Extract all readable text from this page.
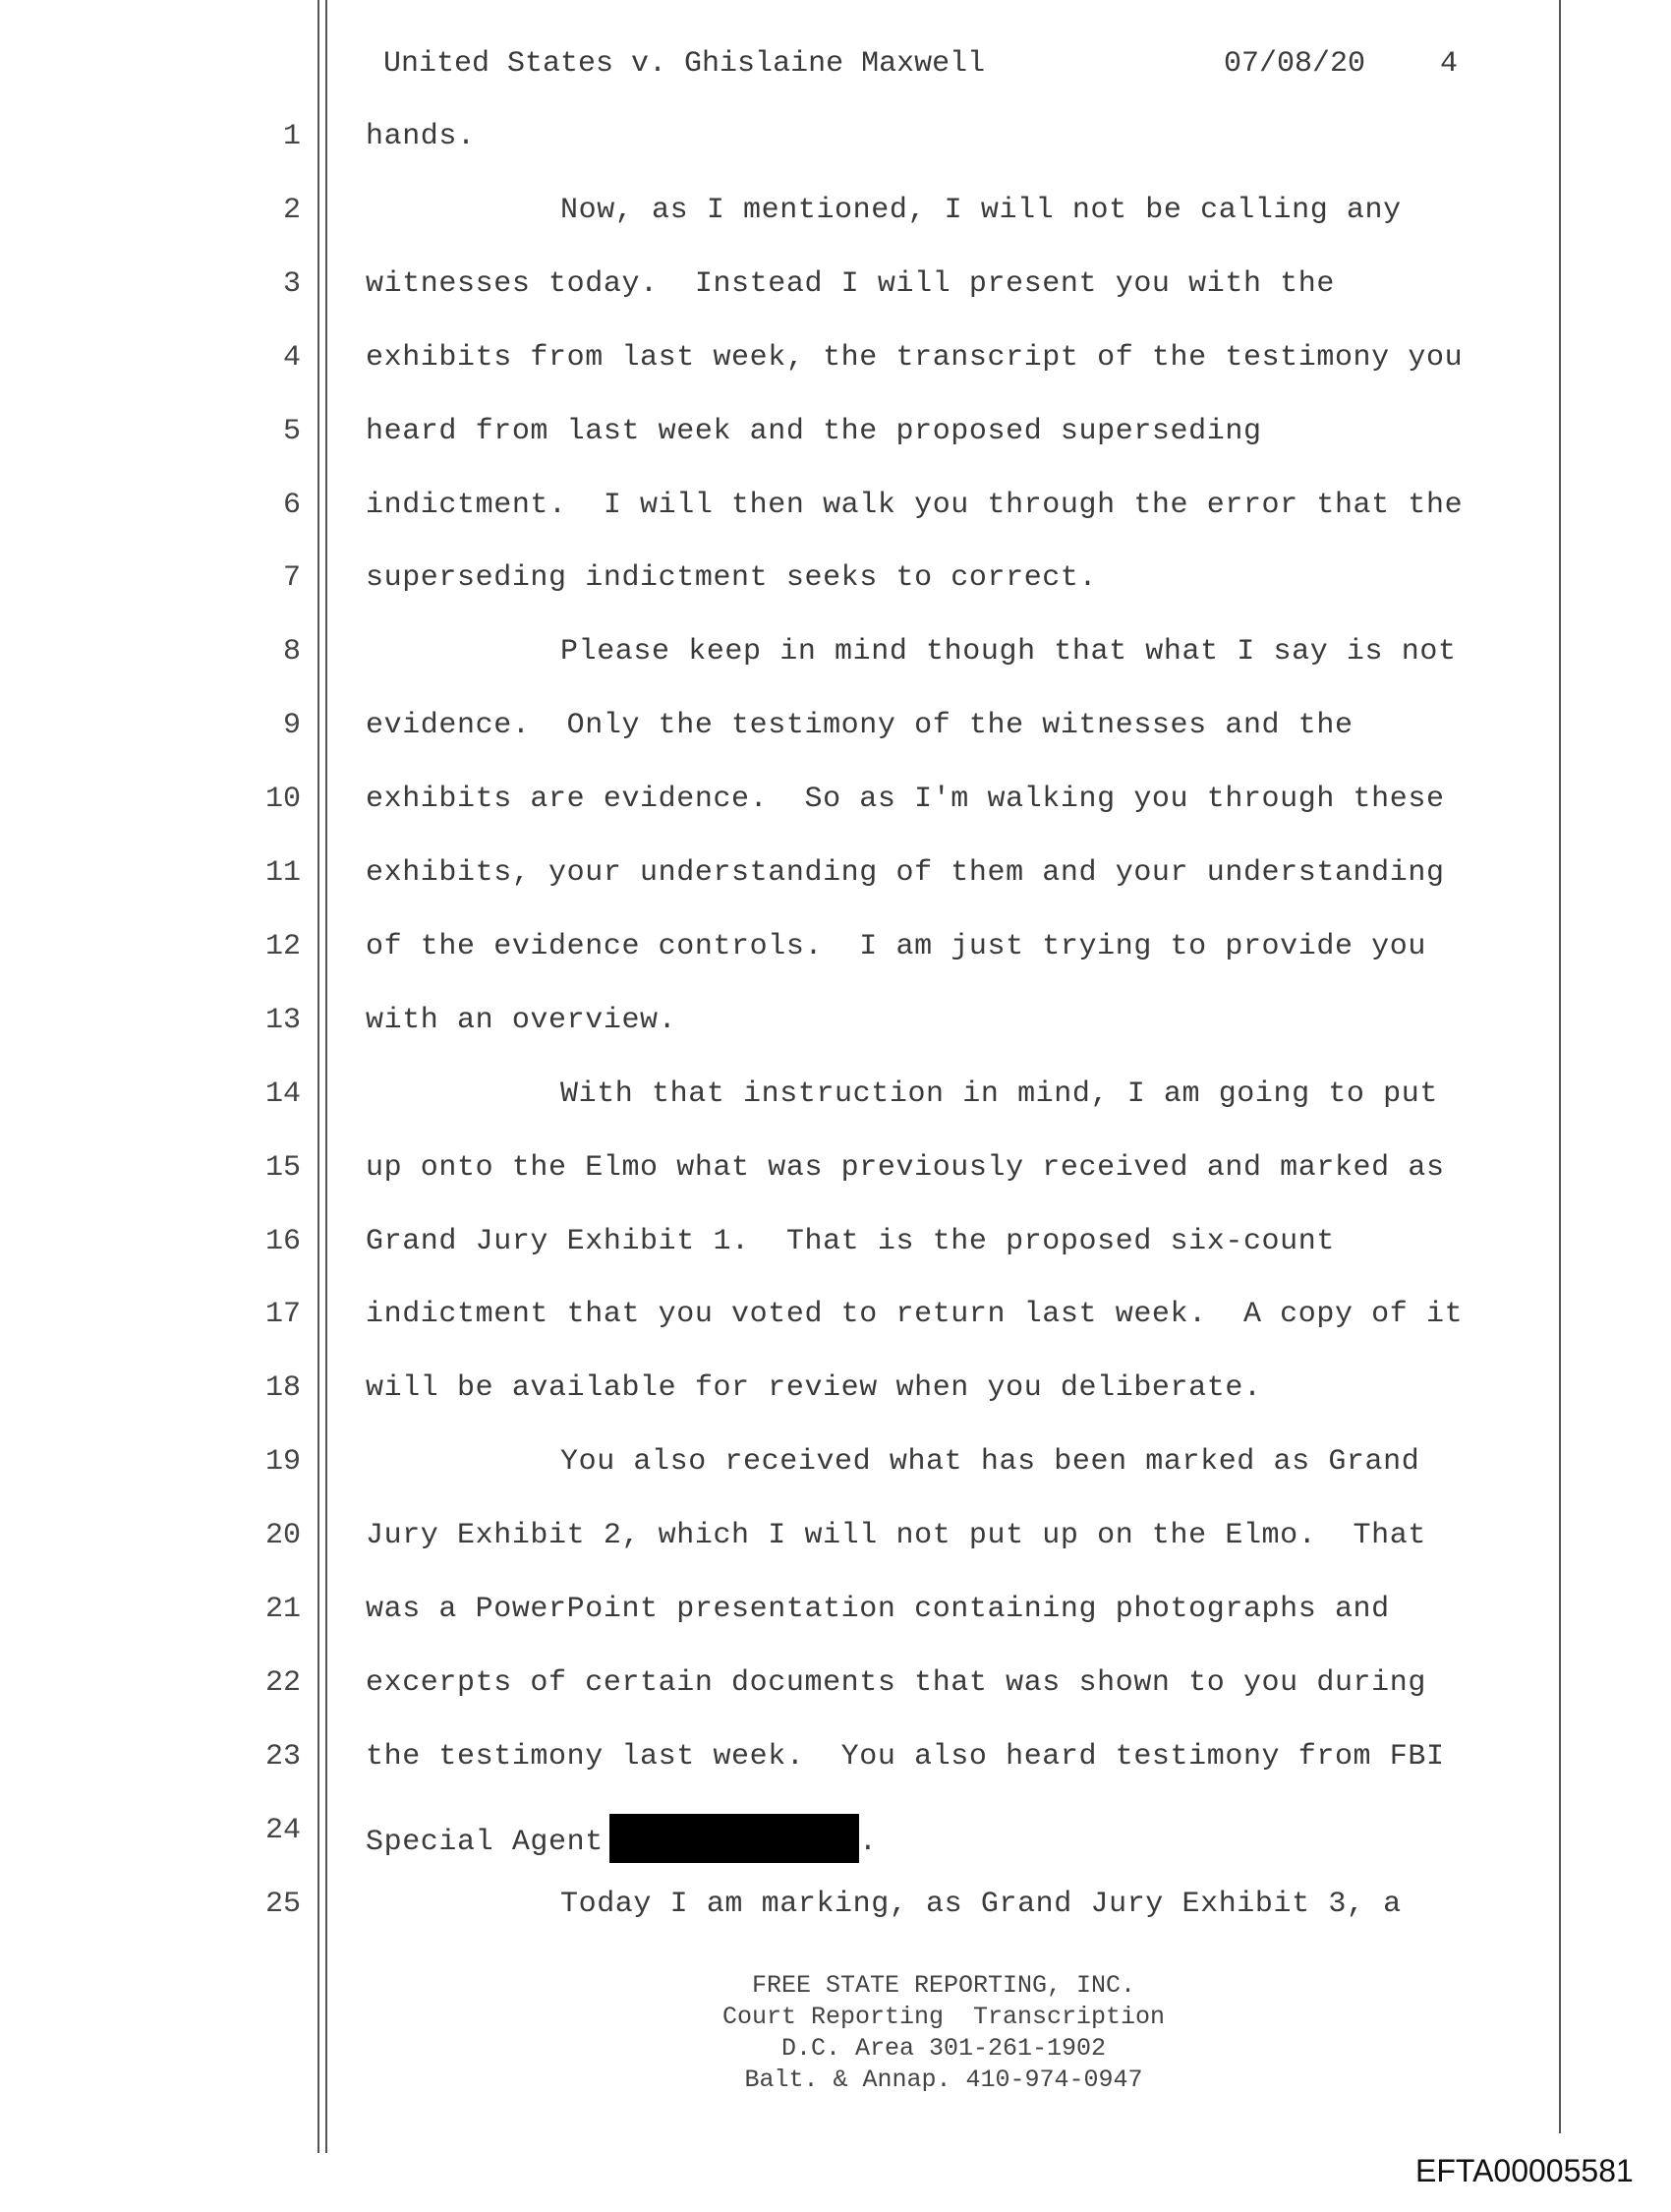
United States v. Ghislaine Maxwell	07/08/20	4
1 hands.
2	Now, as I mentioned, I will not be calling any
3 witnesses today.  Instead I will present you with the
4 exhibits from last week, the transcript of the testimony you
5 heard from last week and the proposed superseding
6 indictment.  I will then walk you through the error that the
7 superseding indictment seeks to correct.
8	Please keep in mind though that what I say is not
9 evidence.  Only the testimony of the witnesses and the
10 exhibits are evidence.  So as I'm walking you through these
11 exhibits, your understanding of them and your understanding
12 of the evidence controls.  I am just trying to provide you
13 with an overview.
14	With that instruction in mind, I am going to put
15 up onto the Elmo what was previously received and marked as
16 Grand Jury Exhibit 1.  That is the proposed six-count
17 indictment that you voted to return last week.  A copy of it
18 will be available for review when you deliberate.
19	You also received what has been marked as Grand
20 Jury Exhibit 2, which I will not put up on the Elmo.  That
21 was a PowerPoint presentation containing photographs and
22 excerpts of certain documents that was shown to you during
23 the testimony last week.  You also heard testimony from FBI
24 Special Agent	.
25	Today I am marking, as Grand Jury Exhibit 3, a
FREE STATE REPORTING, INC.
Court Reporting  Transcription
D.C. Area 301-261-1902
Balt. & Annap. 410-974-0947
EFTA00005581
